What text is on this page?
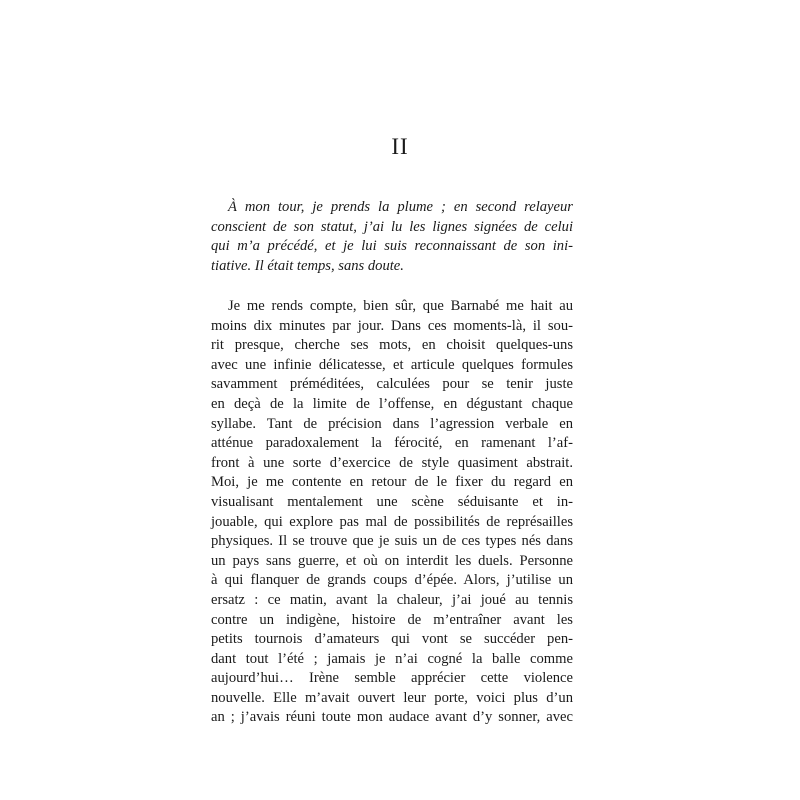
II
À mon tour, je prends la plume ; en second relayeur
conscient de son statut, j’ai lu les lignes signées de celui
qui m’a précédé, et je lui suis reconnaissant de son ini-
tiative. Il était temps, sans doute.
Je me rends compte, bien sûr, que Barnabé me hait au
moins dix minutes par jour. Dans ces moments-là, il sou-
rit presque, cherche ses mots, en choisit quelques-uns
avec une infinie délicatesse, et articule quelques formules
savamment préméditées, calculées pour se tenir juste
en deçà de la limite de l’offense, en dégustant chaque
syllabe. Tant de précision dans l’agression verbale en
atténue paradoxalement la férocité, en ramenant l’af-
front à une sorte d’exercice de style quasiment abstrait.
Moi, je me contente en retour de le fixer du regard en
visualisant mentalement une scène séduisante et in-
jouable, qui explore pas mal de possibilités de représailles
physiques. Il se trouve que je suis un de ces types nés dans
un pays sans guerre, et où on interdit les duels. Personne
à qui flanquer de grands coups d’épée. Alors, j’utilise un
ersatz : ce matin, avant la chaleur, j’ai joué au tennis
contre un indigène, histoire de m’entraîner avant les
petits tournois d’amateurs qui vont se succéder pen-
dant tout l’été ; jamais je n’ai cogné la balle comme
aujourd’hui… Irène semble apprécier cette violence
nouvelle. Elle m’avait ouvert leur porte, voici plus d’un
an ; j’avais réuni toute mon audace avant d’y sonner, avec
